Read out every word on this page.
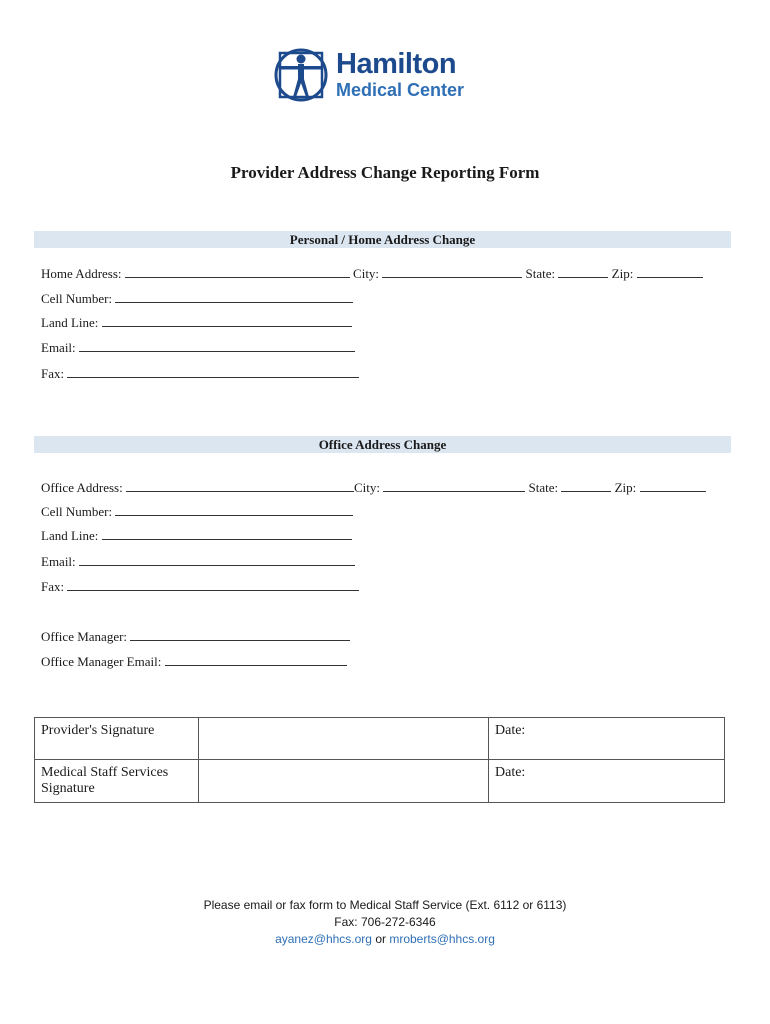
Hamilton
Medical Center
Provider Address Change Reporting Form
Personal / Home Address Change
Home Address:	City:	State:	Zip:
Cell Number:
Land Line:
Email:
Fax:
Office Address Change
Office Address:	City:	State:	Zip:
Cell Number:
Land Line:
Email:
Fax:
Office Manager:
Office Manager Email:
Provider's Signature		Date:
Medical Staff Services Signature		Date:
Please email or fax form to Medical Staff Service (Ext. 6112 or 6113)
Fax: 706-272-6346
ayanez@hhcs.org or mroberts@hhcs.org
